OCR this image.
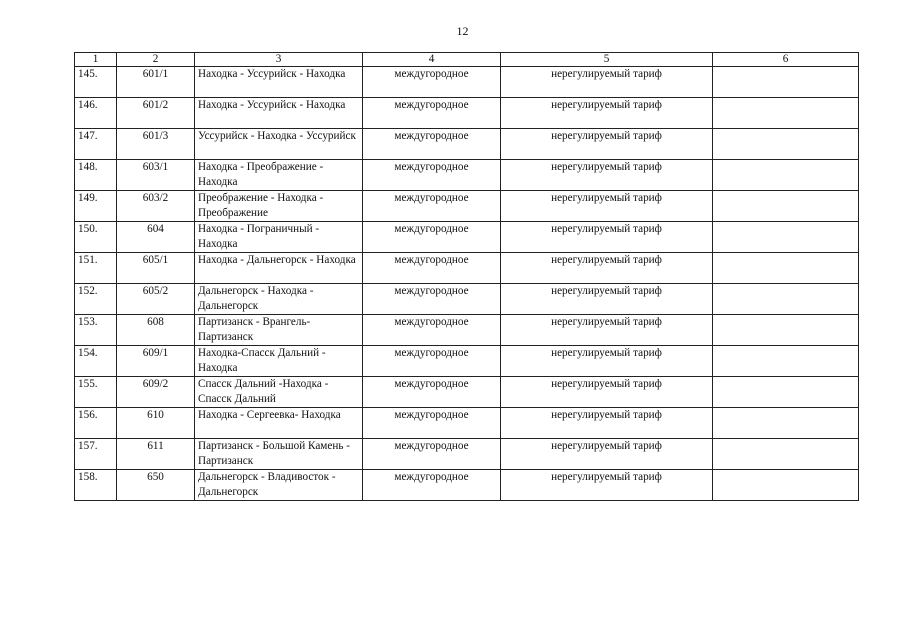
12
1	2	3	4	5	6
145.	601/1	Находка - Уссурийск - Находка	междугородное	нерегулируемый тариф	
146.	601/2	Находка - Уссурийск - Находка	междугородное	нерегулируемый тариф	
147.	601/3	Уссурийск - Находка - Уссурийск	междугородное	нерегулируемый тариф	
148.	603/1	Находка - Преображение - Находка	междугородное	нерегулируемый тариф	
149.	603/2	Преображение - Находка - Преображение	междугородное	нерегулируемый тариф	
150.	604	Находка - Пограничный - Находка	междугородное	нерегулируемый тариф	
151.	605/1	Находка - Дальнегорск - Находка	междугородное	нерегулируемый тариф	
152.	605/2	Дальнегорск - Находка - Дальнегорск	междугородное	нерегулируемый тариф	
153.	608	Партизанск - Врангель- Партизанск	междугородное	нерегулируемый тариф	
154.	609/1	Находка-Спасск Дальний - Находка	междугородное	нерегулируемый тариф	
155.	609/2	Спасск Дальний -Находка - Спасск Дальний	междугородное	нерегулируемый тариф	
156.	610	Находка - Сергеевка- Находка	междугородное	нерегулируемый тариф	
157.	611	Партизанск - Большой Камень - Партизанск	междугородное	нерегулируемый тариф	
158.	650	Дальнегорск - Владивосток - Дальнегорск	междугородное	нерегулируемый тариф	
